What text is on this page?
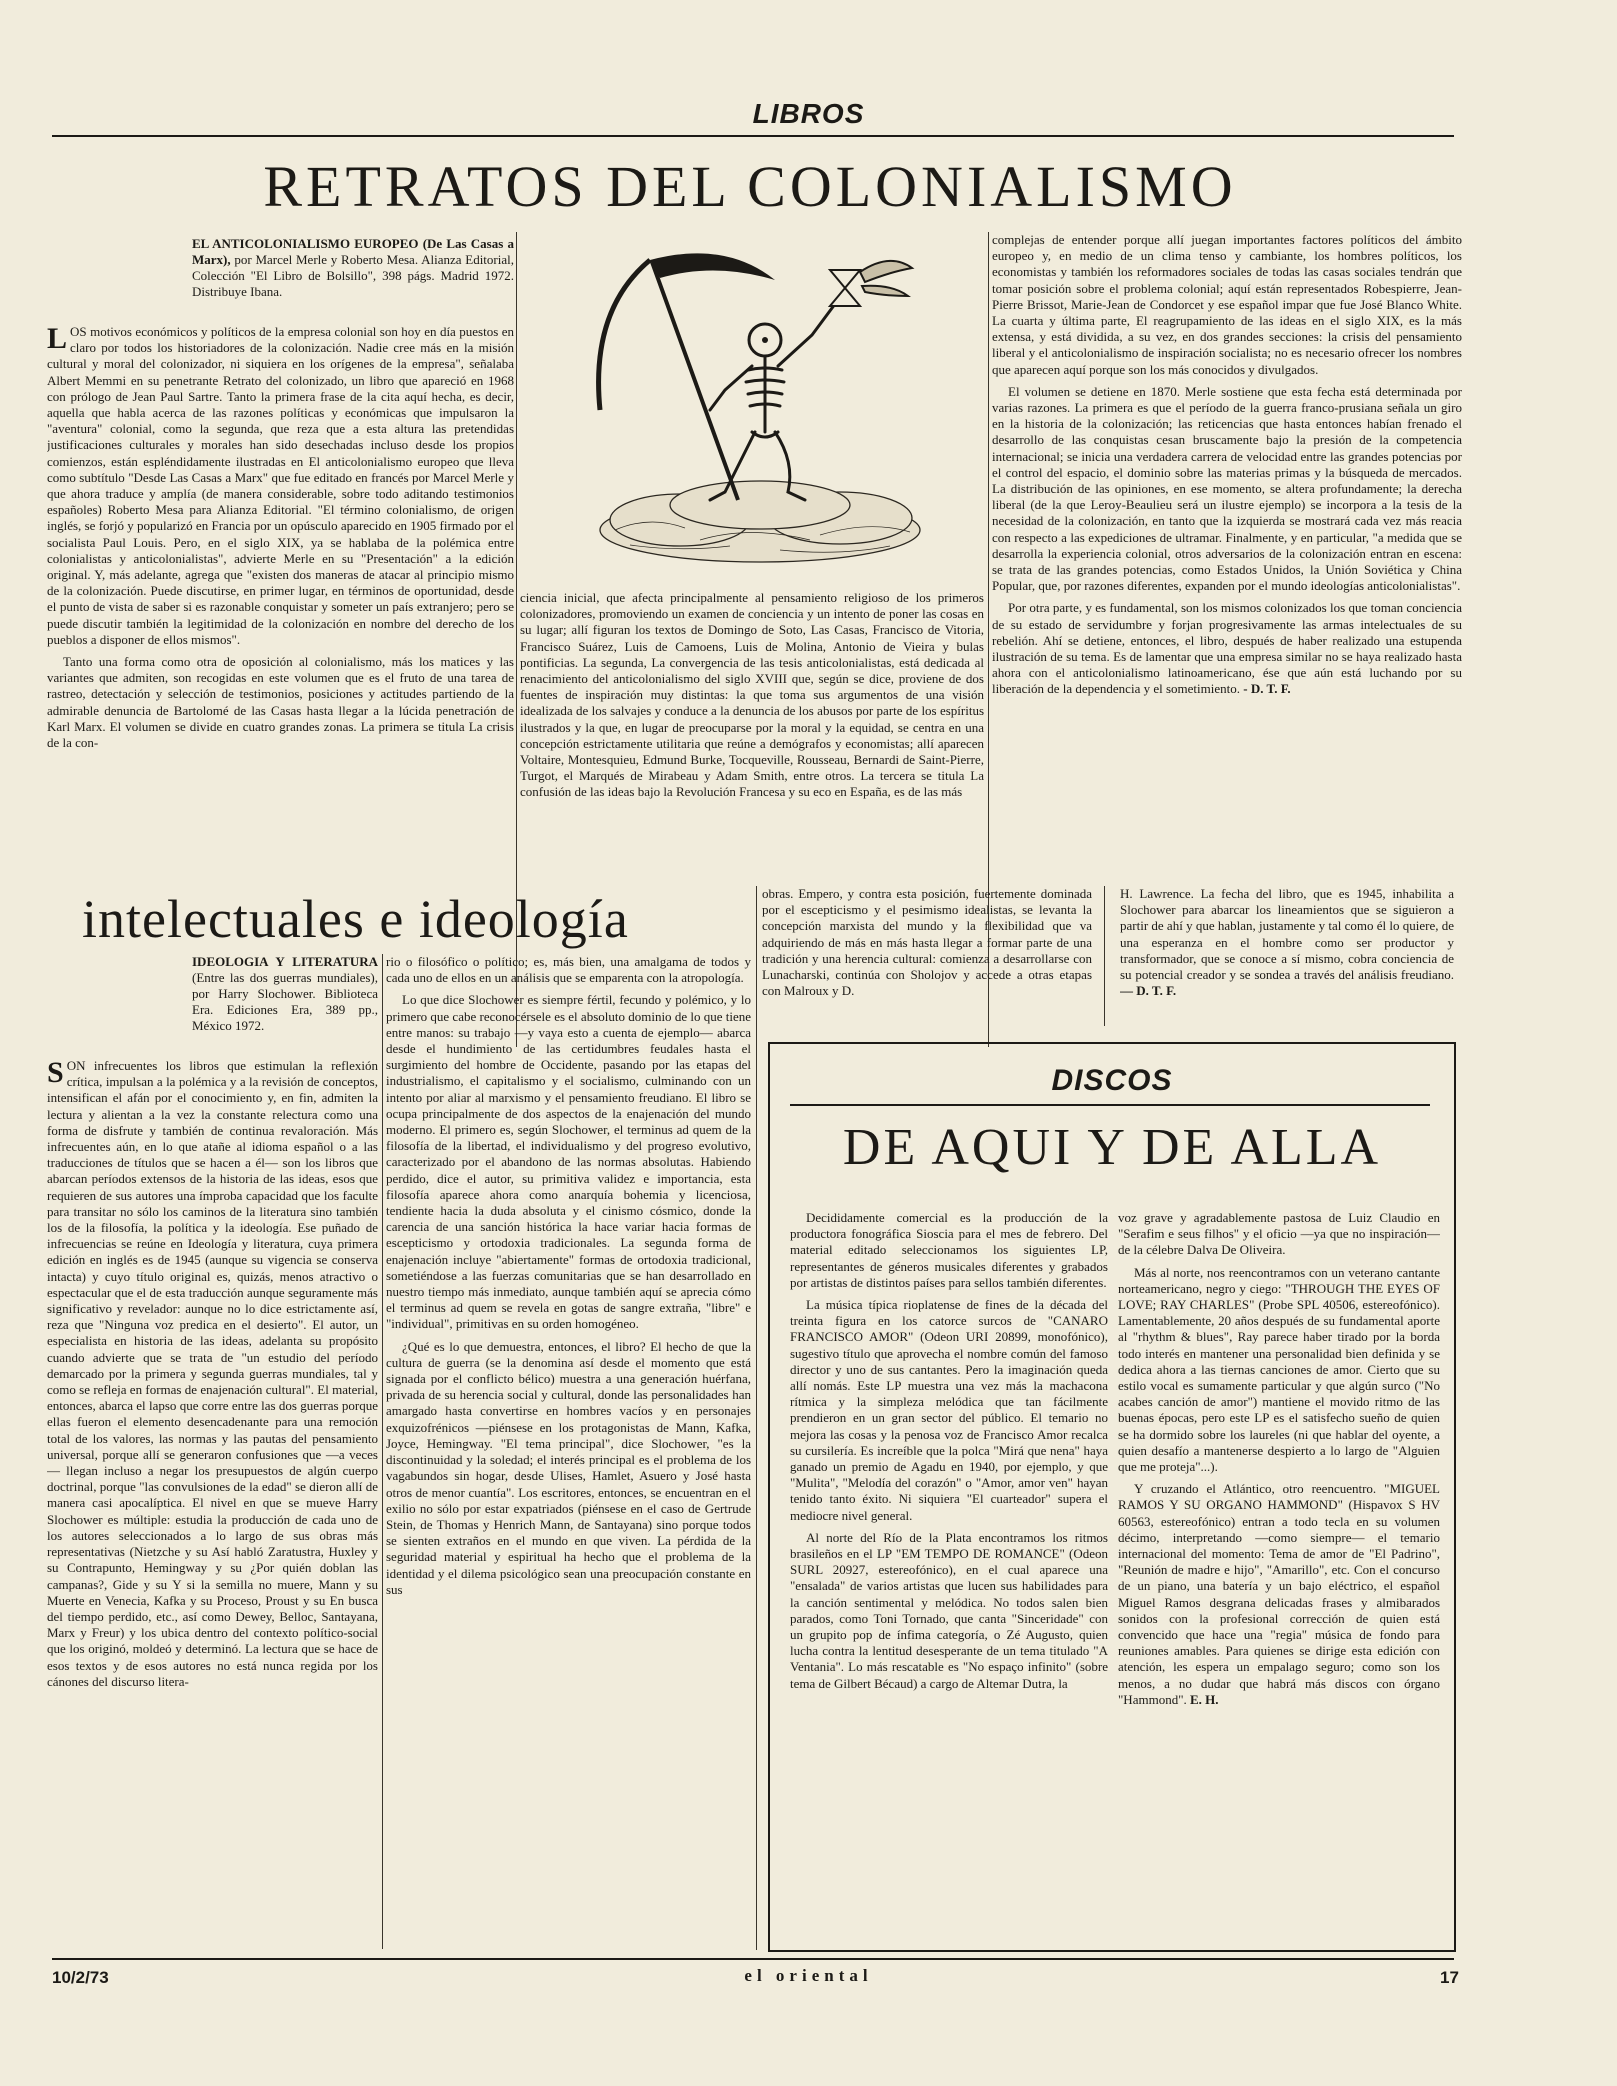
LIBROS
RETRATOS DEL COLONIALISMO
EL ANTICOLONIALISMO EUROPEO (De Las Casas a Marx), por Marcel Merle y Roberto Mesa. Alianza Editorial, Colección "El Libro de Bolsillo", 398 págs. Madrid 1972. Distribuye Ibana.

LOS motivos económicos y políticos de la empresa colonial son hoy en día puestos en claro por todos los historiadores de la colonización. Nadie cree más en la misión cultural y moral del colonizador, ni siquiera en los orígenes de la empresa", señalaba Albert Memmi en su penetrante Retrato del colonizado, un libro que apareció en 1968 con prólogo de Jean Paul Sartre. Tanto la primera frase de la cita aquí hecha, es decir, aquella que habla acerca de las razones políticas y económicas que impulsaron la "aventura" colonial, como la segunda, que reza que a esta altura las pretendidas justificaciones culturales y morales han sido desechadas incluso desde los propios comienzos, están espléndidamente ilustradas en El anticolonialismo europeo que lleva como subtítulo "Desde Las Casas a Marx" que fue editado en francés por Marcel Merle y que ahora traduce y amplía (de manera considerable, sobre todo aditando testimonios españoles) Roberto Mesa para Alianza Editorial. "El término colonialismo, de origen inglés, se forjó y popularizó en Francia por un opúsculo aparecido en 1905 firmado por el socialista Paul Louis. Pero, en el siglo XIX, ya se hablaba de la polémica entre colonialistas y anticolonialistas", advierte Merle en su "Presentación" a la edición original. Y, más adelante, agrega que "existen dos maneras de atacar al principio mismo de la colonización. Puede discutirse, en primer lugar, en términos de oportunidad, desde el punto de vista de saber si es razonable conquistar y someter un país extranjero; pero se puede discutir también la legitimidad de la colonización en nombre del derecho de los pueblos a disponer de ellos mismos".

Tanto una forma como otra de oposición al colonialismo, más los matices y las variantes que admiten, son recogidas en este volumen que es el fruto de una tarea de rastreo, detectación y selección de testimonios, posiciones y actitudes partiendo de la admirable denuncia de Bartolomé de las Casas hasta llegar a la lúcida penetración de Karl Marx. El volumen se divide en cuatro grandes zonas. La primera se titula La crisis de la con-

ciencia inicial, que afecta principalmente al pensamiento religioso de los primeros colonizadores, promoviendo un examen de conciencia y un intento de poner las cosas en su lugar; allí figuran los textos de Domingo de Soto, Las Casas, Francisco de Vitoria, Francisco Suárez, Luis de Camoens, Luis de Molina, Antonio de Vieira y bulas pontificias. La segunda, La convergencia de las tesis anticolonialistas, está dedicada al renacimiento del anticolonialismo del siglo XVIII que, según se dice, proviene de dos fuentes de inspiración muy distintas: la que toma sus argumentos de una visión idealizada de los salvajes y conduce a la denuncia de los abusos por parte de los espíritus ilustrados y la que, en lugar de preocuparse por la moral y la equidad, se centra en una concepción estrictamente utilitaria que reúne a demógrafos y economistas; allí aparecen Voltaire, Montesquieu, Edmund Burke, Tocqueville, Rousseau, Bernardi de Saint-Pierre, Turgot, el Marqués de Mirabeau y Adam Smith, entre otros. La tercera se titula La confusión de las ideas bajo la Revolución Francesa y su eco en España, es de las más

complejas de entender porque allí juegan importantes factores políticos del ámbito europeo y, en medio de un clima tenso y cambiante, los hombres políticos, los economistas y también los reformadores sociales de todas las casas sociales tendrán que tomar posición sobre el problema colonial; aquí están representados Robespierre, Jean-Pierre Brissot, Marie-Jean de Condorcet y ese español impar que fue José Blanco White. La cuarta y última parte, El reagrupamiento de las ideas en el siglo XIX, es la más extensa, y está dividida, a su vez, en dos grandes secciones: la crisis del pensamiento liberal y el anticolonialismo de inspiración socialista; no es necesario ofrecer los nombres que aparecen aquí porque son los más conocidos y divulgados.

El volumen se detiene en 1870. Merle sostiene que esta fecha está determinada por varias razones. La primera es que el período de la guerra franco-prusiana señala un giro en la historia de la colonización; las reticencias que hasta entonces habían frenado el desarrollo de las conquistas cesan bruscamente bajo la presión de la competencia internacional; se inicia una verdadera carrera de velocidad entre las grandes potencias por el control del espacio, el dominio sobre las materias primas y la búsqueda de mercados. La distribución de las opiniones, en ese momento, se altera profundamente; la derecha liberal (de la que Leroy-Beaulieu será un ilustre ejemplo) se incorpora a la tesis de la necesidad de la colonización, en tanto que la izquierda se mostrará cada vez más reacia con respecto a las expediciones de ultramar. Finalmente, y en particular, "a medida que se desarrolla la experiencia colonial, otros adversarios de la colonización entran en escena: se trata de las grandes potencias, como Estados Unidos, la Unión Soviética y China Popular, que, por razones diferentes, expanden por el mundo ideologías anticolonialistas".

Por otra parte, y es fundamental, son los mismos colonizados los que toman conciencia de su estado de servidumbre y forjan progresivamente las armas intelectuales de su rebelión. Ahí se detiene, entonces, el libro, después de haber realizado una estupenda ilustración de su tema. Es de lamentar que una empresa similar no se haya realizado hasta ahora con el anticolonialismo latinoamericano, ése que aún está luchando por su liberación de la dependencia y el sometimiento. - D. T. F.

intelectuales e ideología
IDEOLOGIA Y LITERATURA (Entre las dos guerras mundiales), por Harry Slochower. Biblioteca Era. Ediciones Era, 389 pp., México 1972.

SON infrecuentes los libros que estimulan la reflexión crítica, impulsan a la polémica y a la revisión de conceptos, intensifican el afán por el conocimiento y, en fin, admiten la lectura y alientan a la vez la constante relectura como una forma de disfrute y también de continua revaloración. Más infrecuentes aún, en lo que atañe al idioma español o a las traducciones de títulos que se hacen a él— son los libros que abarcan períodos extensos de la historia de las ideas, esos que requieren de sus autores una ímproba capacidad que los faculte para transitar no sólo los caminos de la literatura sino también los de la filosofía, la política y la ideología. Ese puñado de infrecuencias se reúne en Ideología y literatura, cuya primera edición en inglés es de 1945 (aunque su vigencia se conserva intacta) y cuyo título original es, quizás, menos atractivo o espectacular que el de esta traducción aunque seguramente más significativo y revelador: aunque no lo dice estrictamente así, reza que "Ninguna voz predica en el desierto". El autor, un especialista en historia de las ideas, adelanta su propósito cuando advierte que se trata de "un estudio del período demarcado por la primera y segunda guerras mundiales, tal y como se refleja en formas de enajenación cultural". El material, entonces, abarca el lapso que corre entre las dos guerras porque ellas fueron el elemento desencadenante para una remoción total de los valores, las normas y las pautas del pensamiento universal, porque allí se generaron confusiones que —a veces— llegan incluso a negar los presupuestos de algún cuerpo doctrinal, porque "las convulsiones de la edad" se dieron allí de manera casi apocalíptica. El nivel en que se mueve Harry Slochower es múltiple: estudia la producción de cada uno de los autores seleccionados a lo largo de sus obras más representativas (Nietzche y su Así habló Zaratustra, Huxley y su Contrapunto, Hemingway y su ¿Por quién doblan las campanas?, Gide y su Y si la semilla no muere, Mann y su Muerte en Venecia, Kafka y su Proceso, Proust y su En busca del tiempo perdido, etc., así como Dewey, Belloc, Santayana, Marx y Freur) y los ubica dentro del contexto político-social que los originó, moldeó y determinó. La lectura que se hace de esos textos y de esos autores no está nunca regida por los cánones del discurso litera-

rio o filosófico o político; es, más bien, una amalgama de todos y cada uno de ellos en un análisis que se emparenta con la atropología.

Lo que dice Slochower es siempre fértil, fecundo y polémico, y lo primero que cabe reconocérsele es el absoluto dominio de lo que tiene entre manos: su trabajo —y vaya esto a cuenta de ejemplo— abarca desde el hundimiento de las certidumbres feudales hasta el surgimiento del hombre de Occidente, pasando por las etapas del industrialismo, el capitalismo y el socialismo, culminando con un intento por aliar al marxismo y el pensamiento freudiano. El libro se ocupa principalmente de dos aspectos de la enajenación del mundo moderno. El primero es, según Slochower, el terminus ad quem de la filosofía de la libertad, el individualismo y del progreso evolutivo, caracterizado por el abandono de las normas absolutas. Habiendo perdido, dice el autor, su primitiva validez e importancia, esta filosofía aparece ahora como anarquía bohemia y licenciosa, tendiente hacia la duda absoluta y el cinismo cósmico, donde la carencia de una sanción histórica la hace variar hacia formas de escepticismo y ortodoxia tradicionales. La segunda forma de enajenación incluye "abiertamente" formas de ortodoxia tradicional, sometiéndose a las fuerzas comunitarias que se han desarrollado en nuestro tiempo más inmediato, aunque también aquí se aprecia cómo el terminus ad quem se revela en gotas de sangre extraña, "libre" e "individual", primitivas en su orden homogéneo.

¿Qué es lo que demuestra, entonces, el libro? El hecho de que la cultura de guerra (se la denomina así desde el momento que está signada por el conflicto bélico) muestra a una generación huérfana, privada de su herencia social y cultural, donde las personalidades han amargado hasta convertirse en hombres vacíos y en personajes exquizofrénicos —piénsese en los protagonistas de Mann, Kafka, Joyce, Hemingway. "El tema principal", dice Slochower, "es la discontinuidad y la soledad; el interés principal es el problema de los vagabundos sin hogar, desde Ulises, Hamlet, Asuero y José hasta otros de menor cuantía". Los escritores, entonces, se encuentran en el exilio no sólo por estar expatriados (piénsese en el caso de Gertrude Stein, de Thomas y Henrich Mann, de Santayana) sino porque todos se sienten extraños en el mundo en que viven. La pérdida de la seguridad material y espiritual ha hecho que el problema de la identidad y el dilema psicológico sean una preocupación constante en sus

obras. Empero, y contra esta posición, fuertemente dominada por el escepticismo y el pesimismo idealistas, se levanta la concepción marxista del mundo y la flexibilidad que va adquiriendo de más en más hasta llegar a formar parte de una tradición y una herencia cultural: comienza a desarrollarse con Lunacharski, continúa con Sholojov y accede a otras etapas con Malroux y D.

H. Lawrence. La fecha del libro, que es 1945, inhabilita a Slochower para abarcar los lineamientos que se siguieron a partir de ahí y que hablan, justamente y tal como él lo quiere, de una esperanza en el hombre como ser productor y transformador, que se conoce a sí mismo, cobra conciencia de su potencial creador y se sondea a través del análisis freudiano. — D. T. F.

DISCOS
DE AQUI Y DE ALLA

Decididamente comercial es la producción de la productora fonográfica Sioscia para el mes de febrero. Del material editado seleccionamos los siguientes LP, representantes de géneros musicales diferentes y grabados por artistas de distintos países para sellos también diferentes.

La música típica rioplatense de fines de la década del treinta figura en los catorce surcos de "CANARO FRANCISCO AMOR" (Odeon URI 20899, monofónico), sugestivo título que aprovecha el nombre común del famoso director y uno de sus cantantes. Pero la imaginación queda allí nomás. Este LP muestra una vez más la machacona rítmica y la simpleza melódica que tan fácilmente prendieron en un gran sector del público. El temario no mejora las cosas y la penosa voz de Francisco Amor recalca su cursilería. Es increíble que la polca "Mirá que nena" haya ganado un premio de Agadu en 1940, por ejemplo, y que "Mulita", "Melodía del corazón" o "Amor, amor ven" hayan tenido tanto éxito. Ni siquiera "El cuarteador" supera el mediocre nivel general.

Al norte del Río de la Plata encontramos los ritmos brasileños en el LP "EM TEMPO DE ROMANCE" (Odeon SURL 20927, estereofónico), en el cual aparece una "ensalada" de varios artistas que lucen sus habilidades para la canción sentimental y melódica. No todos salen bien parados, como Toni Tornado, que canta "Sinceridade" con un grupito pop de ínfima categoría, o Zé Augusto, quien lucha contra la lentitud desesperante de un tema titulado "A Ventania". Lo más rescatable es "No espaço infinito" (sobre tema de Gilbert Bécaud) a cargo de Altemar Dutra, la

voz grave y agradablemente pastosa de Luiz Claudio en "Serafim e seus filhos" y el oficio —ya que no inspiración— de la célebre Dalva De Oliveira.

Más al norte, nos reencontramos con un veterano cantante norteamericano, negro y ciego: "THROUGH THE EYES OF LOVE; RAY CHARLES" (Probe SPL 40506, estereofónico). Lamentablemente, 20 años después de su fundamental aporte al "rhythm & blues", Ray parece haber tirado por la borda todo interés en mantener una personalidad bien definida y se dedica ahora a las tiernas canciones de amor. Cierto que su estilo vocal es sumamente particular y que algún surco ("No acabes canción de amor") mantiene el movido ritmo de las buenas épocas, pero este LP es el satisfecho sueño de quien se ha dormido sobre los laureles (ni que hablar del oyente, a quien desafío a mantenerse despierto a lo largo de "Alguien que me proteja"...).

Y cruzando el Atlántico, otro reencuentro. "MIGUEL RAMOS Y SU ORGANO HAMMOND" (Hispavox S HV 60563, estereofónico) entran a todo tecla en su volumen décimo, interpretando —como siempre— el temario internacional del momento: Tema de amor de "El Padrino", "Reunión de madre e hijo", "Amarillo", etc. Con el concurso de un piano, una batería y un bajo eléctrico, el español Miguel Ramos desgrana delicadas frases y almibarados sonidos con la profesional corrección de quien está convencido que hace una "regia" música de fondo para reuniones amables. Para quienes se dirige esta edición con atención, les espera un empalago seguro; como son los menos, a no dudar que habrá más discos con órgano "Hammond". E. H.

10/2/73	el oriental	17
